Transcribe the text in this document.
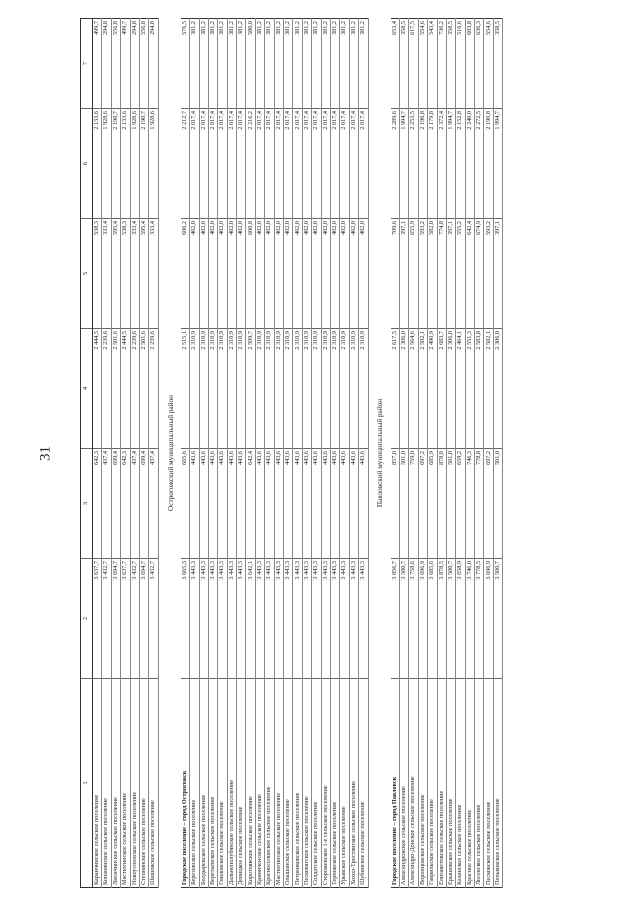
31
1
2
3
4
5
6
7
Караичинское сельское поселение
3 637,7
642,3
2 444,5
538,3
2 133,6
499,7
Копанянское сельское поселение
3 432,7
437,4
2 239,6
333,4
1 928,6
294,8
Лисичинское сельское поселение
3 694,7
699,4
2 501,6
595,4
2 190,7
556,8
Мастюгинское сельское поселение
3 637,7
642,3
2 444,5
538,3
2 133,6
499,7
Новоуспенское сельское поселение
3 432,7
437,4
2 239,6
333,4
1 928,6
294,8
Степнянское сельское поселение
3 694,7
699,4
2 501,6
595,4
2 190,7
556,8
Шишовское сельское поселение
3 432,7
437,4
2 239,6
333,4
1 928,6
294,8
Острогожский муниципальный район
Городское поселение – город Острогожск
3 665,3
665,6
2 515,1
606,2
2 212,7
576,5
Березовское сельское поселение
3 443,3
443,6
2 310,9
402,0
2 017,4
381,2
Болдыревское сельское поселение
3 443,3
443,6
2 310,9
402,0
2 017,4
381,2
Веретьевское сельское поселение
3 443,3
443,6
2 310,9
402,0
2 017,4
381,2
Гниловское сельское поселение
3 443,3
443,6
2 310,9
402,0
2 017,4
381,2
Дальнеполубянское сельское поселение
3 443,3
443,6
2 310,9
402,0
2 017,4
381,2
Девицкое сельское поселение
3 443,3
443,6
2 310,9
402,0
2 017,4
381,2
Коротоякское сельское поселение
3 642,1
642,4
2 509,7
600,8
2 216,2
580,0
Криниченское сельское поселение
3 443,3
443,6
2 310,9
402,0
2 017,4
381,2
Красноселовское сельское поселение
3 443,3
443,6
2 310,9
402,0
2 017,4
381,2
Мастюгинское сельское поселение
3 443,3
443,6
2 310,9
402,0
2 017,4
381,2
Ольшанское сельское поселение
3 443,3
443,6
2 310,9
402,0
2 017,4
381,2
Петренковское сельское поселение
3 443,3
443,6
2 310,9
402,0
2 017,4
381,2
Песковатское сельское поселение
3 443,3
443,6
2 310,9
402,0
2 017,4
381,2
Солдатское сельское поселение
3 443,3
443,6
2 310,9
402,0
2 017,4
381,2
Сторожевское 1-е сельское поселение
3 443,3
443,6
2 310,9
402,0
2 017,4
381,2
Терновское сельское поселение
3 443,3
443,6
2 310,9
402,0
2 017,4
381,2
Урывское сельское поселение
3 443,3
443,6
2 310,9
402,0
2 017,4
381,2
Хохол-Тростянское сельское поселение
3 443,3
443,6
2 310,9
402,0
2 017,4
381,2
Шубинское сельское поселение
3 443,3
443,6
2 310,9
402,0
2 017,4
381,2
Павловский муниципальный район
Городское поселение – город Павловск
3 856,7
857,0
2 617,5
709,6
2 289,6
653,4
Александровское сельское поселение
3 500,7
501,0
2 306,0
397,1
1 994,7
358,5
Александро-Донское сельское поселение
3 758,6
759,0
2 564,6
655,9
2 253,5
617,5
Воронцовское сельское поселение
3 696,9
697,2
2 502,1
593,2
2 190,8
554,6
Гаврильское сельское поселение
3 685,6
685,9
2 490,9
582,0
2 179,8
543,4
Елизаветовское сельское поселение
3 878,5
878,8
2 683,7
774,8
2 372,4
736,2
Ерышовское сельское поселение
3 500,7
501,0
2 306,0
397,1
1 994,7
358,5
Казинское сельское поселение
3 658,9
659,2
2 464,1
555,2
2 152,8
516,6
Красное сельское поселение
3 746,0
746,3
2 551,3
642,4
2 240,0
603,8
Лосевское сельское поселение
3 778,5
778,8
2 583,8
674,9
2 272,5
636,3
Песковское сельское поселение
3 696,9
697,2
2 502,1
593,2
2 190,8
554,6
Пеньковское сельское поселение
3 500,7
501,0
2 306,0
397,1
1 994,7
358,5
